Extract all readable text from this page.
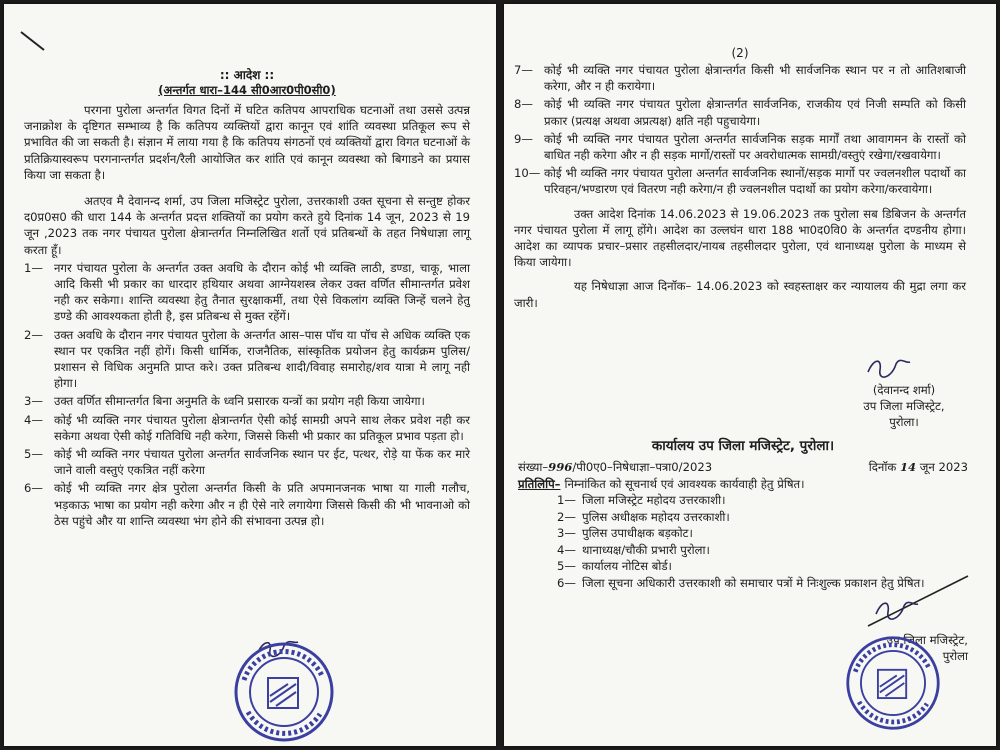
:: आदेश ::

(अन्तर्गत धारा–144 सी0आर0पी0सी0)

परगना पुरोला अन्तर्गत विगत दिनों में घटित कतिपय आपराधिक घटनाओं तथा उससे उत्पन्न जनाक्रोश के दृष्टिगत सम्भाव्य है कि कतिपय व्यक्तियों द्वारा कानून एवं शांति व्यवस्था प्रतिकूल रूप से प्रभावित की जा सकती है। संज्ञान में लाया गया है कि कतिपय संगठनों एवं व्यक्तियों द्वारा विगत घटनाओं के प्रतिक्रियास्वरूप परगनान्तर्गत प्रदर्शन/रैली आयोजित कर शांति एवं कानून व्यवस्था को बिगाडने का प्रयास किया जा सकता है।

अतएव मै देवानन्द शर्मा, उप जिला मजिस्ट्रेट पुरोला, उत्तरकाशी उक्त सूचना से सन्तुष्ट होकर द0प्र0स0 की धारा 144 के अन्तर्गत प्रदत्त शक्तियों का प्रयोग करते हुये दिनांक 14 जून, 2023 से 19 जून ,2023 तक नगर पंचायत पुरोला क्षेत्रान्तर्गत निम्नलिखित शर्तो एवं प्रतिबन्धों के तहत निषेधाज्ञा लागू करता हूँ।

1— नगर पंचायत पुरोला के अन्तर्गत उक्त अवधि के दौरान कोई भी व्यक्ति लाठी, डण्डा, चाकू, भाला आदि किसी भी प्रकार का धारदार हथियार अथवा आग्नेयशस्त्र लेकर उक्त वर्णित सीमान्तर्गत प्रवेश नही कर सकेगा। शान्ति व्यवस्था हेतु तैनात सुरक्षाकर्मी, तथा ऐसे विकलांग व्यक्ति जिन्हें चलने हेतु डण्डे की आवश्यकता होती है, इस प्रतिबन्ध से मुक्त रहेंगें।
2— उक्त अवधि के दौरान नगर पंचायत पुरोला के अन्तर्गत आस–पास पॉच या पॉच से अधिक व्यक्ति एक स्थान पर एकत्रित नहीं होगें। किसी धार्मिक, राजनैतिक, सांस्कृतिक प्रयोजन हेतु कार्यक्रम पुलिस/प्रशासन से विधिक अनुमति प्राप्त करे। उक्त प्रतिबन्ध शादी/विवाह समारोह/शव यात्रा मे लागू नही होगा।
3— उक्त वर्णित सीमान्तर्गत बिना अनुमति के ध्वनि प्रसारक यन्त्रों का प्रयोग नही किया जायेगा।
4— कोई भी व्यक्ति नगर पंचायत पुरोला क्षेत्रान्तर्गत ऐसी कोई सामग्री अपने साथ लेकर प्रवेश नही कर सकेगा अथवा ऐसी कोई गतिविधि नही करेगा, जिससे किसी भी प्रकार का प्रतिकूल प्रभाव पड़ता हो।
5— कोई भी व्यक्ति नगर पंचायत पुरोला अन्तर्गत सार्वजनिक स्थान पर ईट, पत्थर, रोड़े या फेंक कर मारे जाने वाली वस्तुएं एकत्रित नहीं करेगा
6— कोई भी व्यक्ति नगर क्षेत्र पुरोला अन्तर्गत किसी के प्रति अपमानजनक भाषा या गाली गलौच, भड़काऊ भाषा का प्रयोग नही करेगा और न ही ऐसे नारे लगायेगा जिससे किसी की भी भावनाओ को ठेस पहुंचे और या शान्ति व्यवस्था भंग होने की संभावना उत्पन्न हो।

(2)

7— कोई भी व्यक्ति नगर पंचायत पुरोला क्षेत्रान्तर्गत किसी भी सार्वजनिक स्थान पर न तो आतिशबाजी करेगा, और न ही करायेगा।
8— कोई भी व्यक्ति नगर पंचायत पुरोला क्षेत्रान्तर्गत सार्वजनिक, राजकीय एवं निजी सम्पति को किसी प्रकार (प्रत्यक्ष अथवा अप्रत्यक्ष) क्षति नही पहुचायेगा।
9— कोई भी व्यक्ति नगर पंचायत पुरोला अन्तर्गत सार्वजनिक सड़क मार्गों तथा आवागमन के रास्तों को बाधित नही करेगा और न ही सड़क मार्गो/रास्तों पर अवरोधात्मक सामग्री/वस्तुएं रखेगा/रखवायेगा।
10— कोई भी व्यक्ति नगर पंचायत पुरोला अन्तर्गत सार्वजनिक स्थानों/सड़क मार्गो पर ज्वलनशील पदार्थो का परिवहन/भण्डारण एवं वितरण नही करेगा/न ही ज्वलनशील पदार्थो का प्रयोग करेगा/करवायेगा।

उक्त आदेश दिनांक 14.06.2023 से 19.06.2023 तक पुरोला सब डिबिजन के अन्तर्गत नगर पंचायत पुरोला में लागू होंगे। आदेश का उल्लघंन धारा 188 भा0द0वि0 के अन्तर्गत दण्डनीय होगा। आदेश का व्यापक प्रचार–प्रसार तहसीलदार/नायब तहसीलदार पुरोला, एवं थानाध्यक्ष पुरोला के माध्यम से किया जायेगा।

यह निषेधाज्ञा आज दिनॉक– 14.06.2023 को स्वहस्ताक्षर कर न्यायालय की मुद्रा लगा कर जारी।

(देवानन्द शर्मा)
उप जिला मजिस्ट्रेट,
पुरोला।

कार्यालय उप जिला मजिस्ट्रेट, पुरोला।

संख्या–996/पी0ए0–निषेधाज्ञा–पत्रा0/2023	दिनॉक 14 जून 2023
प्रतिलिपि– निम्नांकित को सूचनार्थ एवं आवश्यक कार्यवाही हेतु प्रेषित।
1— जिला मजिस्ट्रेट महोदय उत्तरकाशी।
2— पुलिस अधीक्षक महोदय उत्तरकाशी।
3— पुलिस उपाधीक्षक बड़कोट।
4— थानाध्यक्ष/चौकी प्रभारी पुरोला।
5— कार्यालय नोटिस बोर्ड।
6— जिला सूचना अधिकारी उत्तरकाशी को समाचार पत्रों मे निःशुल्क प्रकाशन हेतु प्रेषित।
उप जिला मजिस्ट्रेट,
पुरोला
